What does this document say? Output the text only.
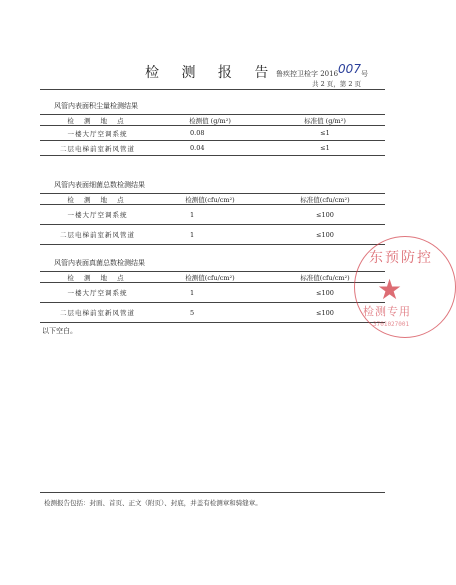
检 测 报 告
鲁疾控卫检字 2016007号
共 2 页，第 2 页
风管内表面积尘量检测结果
检 测 地 点	检测值 (g/m²)	标准值 (g/m²)
一楼大厅空调系统	0.08	≤1
二层电梯前室新风管道	0.04	≤1
风管内表面细菌总数检测结果
检 测 地 点	检测值(cfu/cm²)	标准值(cfu/cm²)
一楼大厅空调系统	1	≤100
二层电梯前室新风管道	1	≤100
风管内表面真菌总数检测结果
检 测 地 点	检测值(cfu/cm²)	标准值(cfu/cm²)
一楼大厅空调系统	1	≤100
二层电梯前室新风管道	5	≤100
以下空白。
东预防控
★
检测专用
3701027001
检测报告包括：封面、首页、正文（附页）、封底，并盖有检测章和骑缝章。
